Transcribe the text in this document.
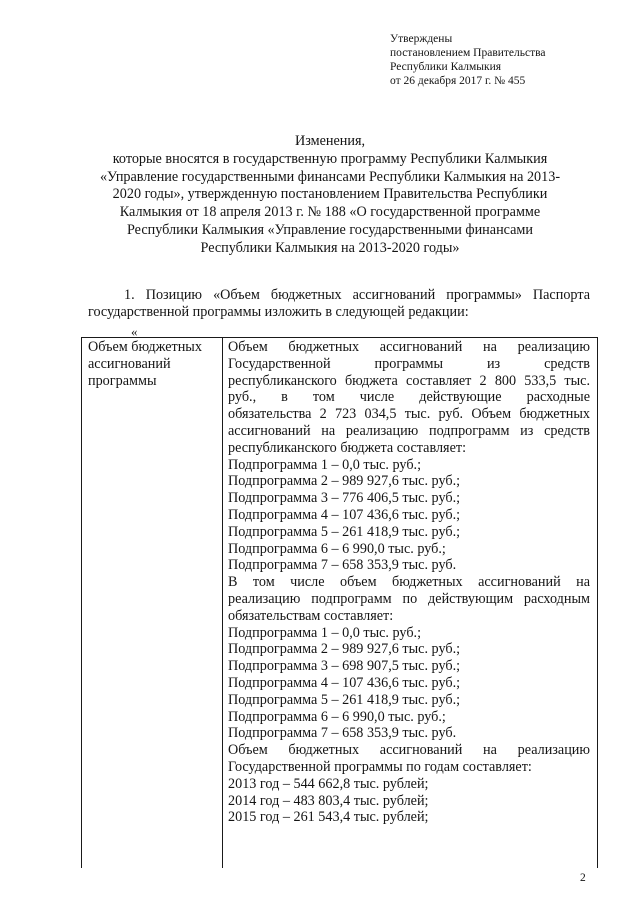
Утверждены
постановлением Правительства
Республики Калмыкия
от 26 декабря 2017 г. № 455
Изменения,
которые вносятся в государственную программу Республики Калмыкия
«Управление государственными финансами Республики Калмыкия на 2013-
2020 годы», утвержденную постановлением Правительства Республики
Калмыкия от 18 апреля 2013 г. № 188 «О государственной программе
Республики Калмыкия «Управление государственными финансами
Республики Калмыкия на 2013-2020 годы»
1. Позицию «Объем бюджетных ассигнований программы» Паспорта
государственной программы изложить в следующей редакции:
«
Объем бюджетных
ассигнований
программы
Объем бюджетных ассигнований на реализацию
Государственной программы из средств
республиканского бюджета составляет 2 800 533,5 тыс.
руб., в том числе действующие расходные
обязательства 2 723 034,5 тыс. руб. Объем бюджетных
ассигнований на реализацию подпрограмм из средств
республиканского бюджета составляет:
Подпрограмма 1 – 0,0 тыс. руб.;
Подпрограмма 2 – 989 927,6 тыс. руб.;
Подпрограмма 3 – 776 406,5 тыс. руб.;
Подпрограмма 4 – 107 436,6 тыс. руб.;
Подпрограмма 5 – 261 418,9 тыс. руб.;
Подпрограмма 6 – 6 990,0 тыс. руб.;
Подпрограмма 7 – 658 353,9 тыс. руб.
В том числе объем бюджетных ассигнований на
реализацию подпрограмм по действующим расходным
обязательствам составляет:
Подпрограмма 1 – 0,0 тыс. руб.;
Подпрограмма 2 – 989 927,6 тыс. руб.;
Подпрограмма 3 – 698 907,5 тыс. руб.;
Подпрограмма 4 – 107 436,6 тыс. руб.;
Подпрограмма 5 – 261 418,9 тыс. руб.;
Подпрограмма 6 – 6 990,0 тыс. руб.;
Подпрограмма 7 – 658 353,9 тыс. руб.
Объем бюджетных ассигнований на реализацию
Государственной программы по годам составляет:
2013 год – 544 662,8 тыс. рублей;
2014 год – 483 803,4 тыс. рублей;
2015 год – 261 543,4 тыс. рублей;
2
